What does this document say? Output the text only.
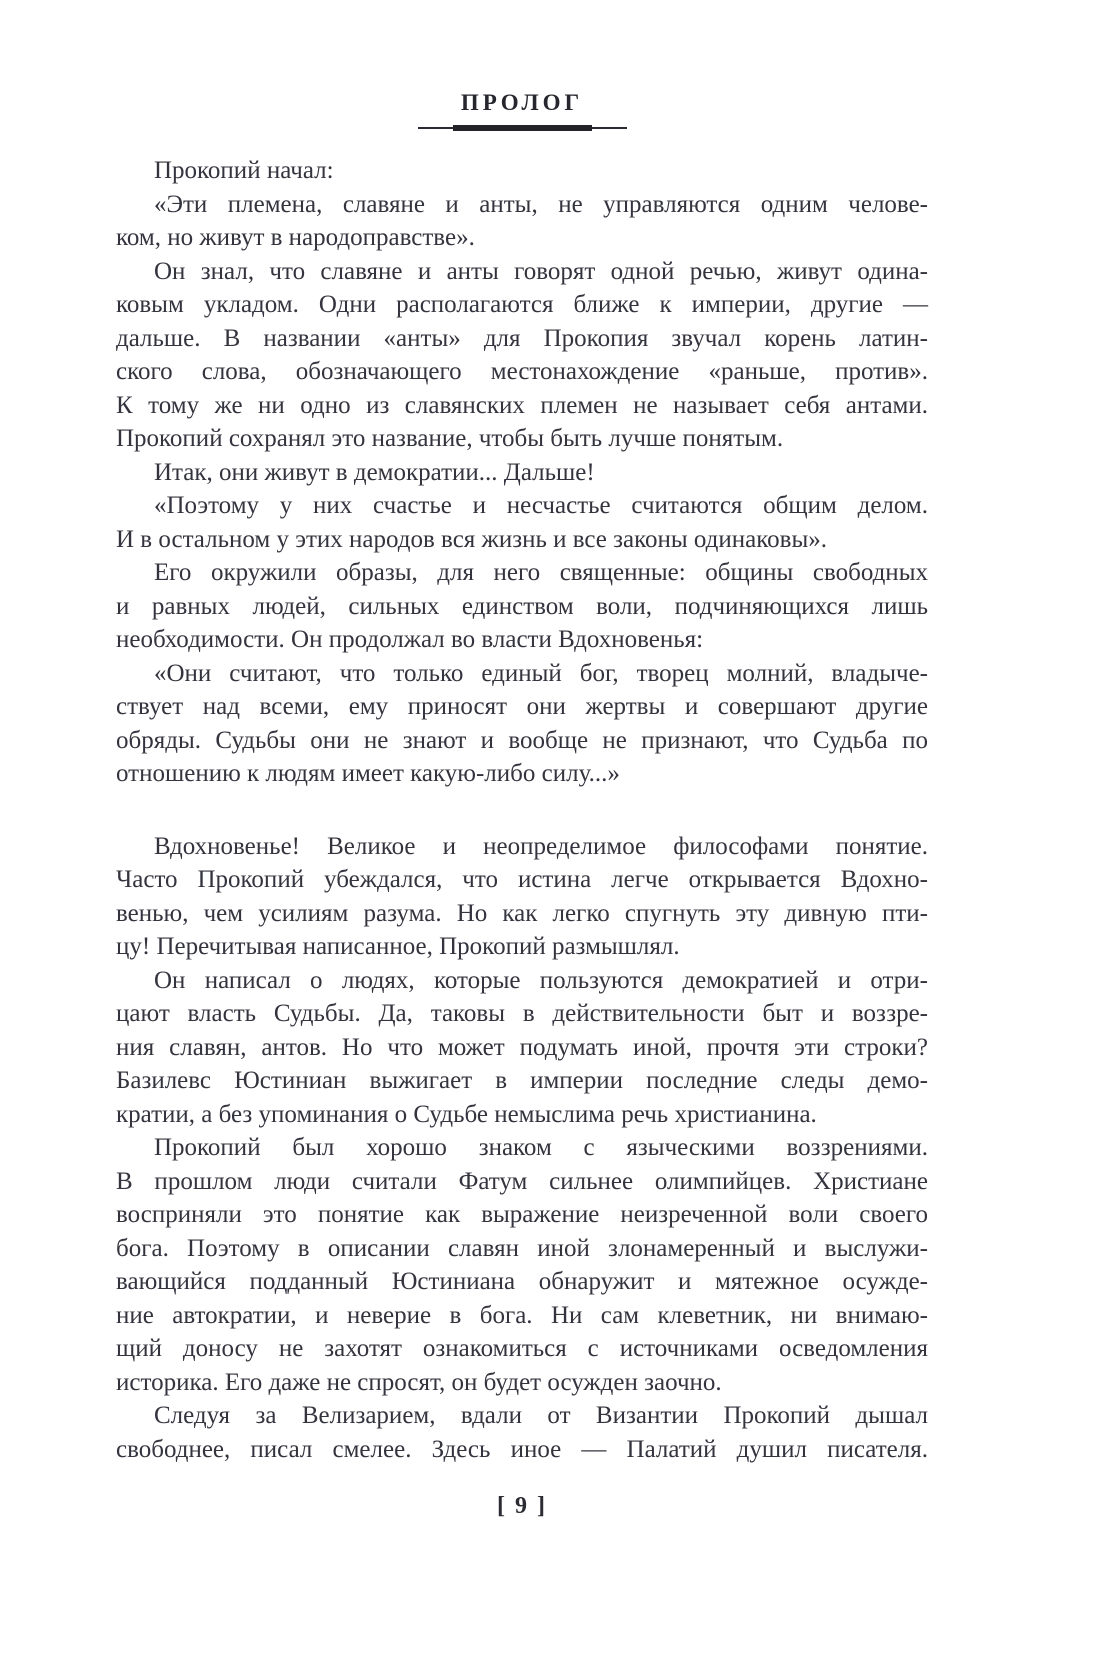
ПРОЛОГ
Прокопий начал:
«Эти племена, славяне и анты, не управляются одним челове-
ком, но живут в народоправстве».
Он знал, что славяне и анты говорят одной речью, живут одина-
ковым укладом. Одни располагаются ближе к империи, другие —
дальше. В названии «анты» для Прокопия звучал корень латин-
ского слова, обозначающего местонахождение «раньше, против».
К тому же ни одно из славянских племен не называет себя антами.
Прокопий сохранял это название, чтобы быть лучше понятым.
Итак, они живут в демократии... Дальше!
«Поэтому у них счастье и несчастье считаются общим делом.
И в остальном у этих народов вся жизнь и все законы одинаковы».
Его окружили образы, для него священные: общины свободных
и равных людей, сильных единством воли, подчиняющихся лишь
необходимости. Он продолжал во власти Вдохновенья:
«Они считают, что только единый бог, творец молний, владыче-
ствует над всеми, ему приносят они жертвы и совершают другие
обряды. Судьбы они не знают и вообще не признают, что Судьба по
отношению к людям имеет какую-либо силу...»
Вдохновенье! Великое и неопределимое философами понятие.
Часто Прокопий убеждался, что истина легче открывается Вдохно-
венью, чем усилиям разума. Но как легко спугнуть эту дивную пти-
цу! Перечитывая написанное, Прокопий размышлял.
Он написал о людях, которые пользуются демократией и отри-
цают власть Судьбы. Да, таковы в действительности быт и воззре-
ния славян, антов. Но что может подумать иной, прочтя эти строки?
Базилевс Юстиниан выжигает в империи последние следы демо-
кратии, а без упоминания о Судьбе немыслима речь христианина.
Прокопий был хорошо знаком с языческими воззрениями.
В прошлом люди считали Фатум сильнее олимпийцев. Христиане
восприняли это понятие как выражение неизреченной воли своего
бога. Поэтому в описании славян иной злонамеренный и выслужи-
вающийся подданный Юстиниана обнаружит и мятежное осужде-
ние автократии, и неверие в бога. Ни сам клеветник, ни внимаю-
щий доносу не захотят ознакомиться с источниками осведомления
историка. Его даже не спросят, он будет осужден заочно.
Следуя за Велизарием, вдали от Византии Прокопий дышал
свободнее, писал смелее. Здесь иное — Палатий душил писателя.
[ 9 ]
